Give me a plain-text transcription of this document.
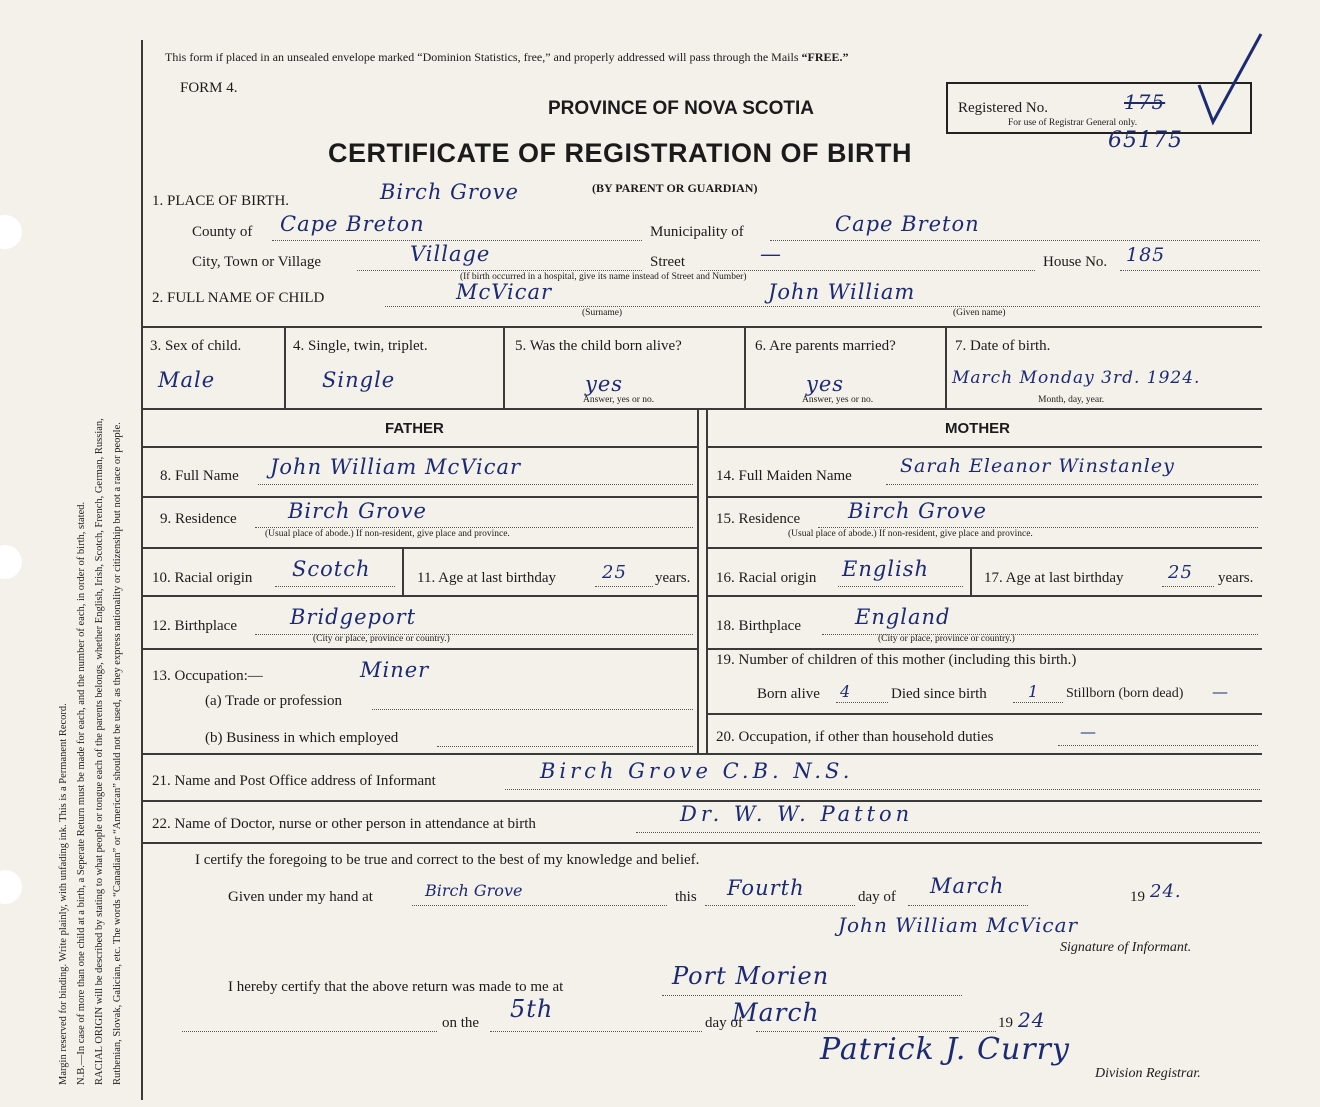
Margin reserved for binding. Write plainly, with unfading ink. This is a Permanent Record. N.B.—In case of more than one child at a birth, a Seperate Return must be made for each, and the number of each, in order of birth, stated. RACIAL ORIGIN will be described by stating to what people or tongue each of the parents belongs, whether English, Irish, Scotch, French, German, Russian, Ruthenian, Slovak, Galician, etc. The words “Canadian” or “American” should not be used, as they express nationality or citizenship but not a race or people.
This form if placed in an unsealed envelope marked “Dominion Statistics, free,” and properly addressed will pass through the Mails “FREE.”
FORM 4.
PROVINCE OF NOVA SCOTIA
CERTIFICATE OF REGISTRATION OF BIRTH
(BY PARENT OR GUARDIAN)
Registered No.	175
For use of Registrar General only.
65175
1. PLACE OF BIRTH.	Birch Grove
County of Cape Breton	Municipality of	Cape Breton
City, Town or Village	Village	Street	—	House No. 185
(If birth occurred in a hospital, give its name instead of Street and Number)
2. FULL NAME OF CHILD	McVicar
(Surname)
John William
(Given name)
3. Sex of child.
Male
4. Single, twin, triplet.
Single
5. Was the child born alive?
yes
Answer, yes or no.
6. Are parents married?
yes
Answer, yes or no.
7. Date of birth.
March Monday 3rd. 1924.
Month, day, year.
FATHER	MOTHER
8. Full Name John William McVicar
9. Residence Birch Grove
(Usual place of abode.) If non-resident, give place and province.
10. Racial origin Scotch	11. Age at last birthday	25 years.
12. Birthplace	Bridgeport
(City or place, province or country.)
13. Occupation:—	Miner
(a) Trade or profession
(b) Business in which employed
14. Full Maiden Name	Sarah Eleanor Winstanley
15. Residence Birch Grove
(Usual place of abode.) If non-resident, give place and province.
16. Racial origin English	17. Age at last birthday 25 years.
18. Birthplace	England
(City or place, province or country.)
19. Number of children of this mother (including this birth.)
Born alive 4	Died since birth	1 Stillborn (born dead) —
20. Occupation, if other than household duties	—
21. Name and Post Office address of Informant	Birch Grove C.B. N.S.
22. Name of Doctor, nurse or other person in attendance at birth	Dr. W. W. Patton
I certify the foregoing to be true and correct to the best of my knowledge and belief.
Given under my hand at	Birch Grove	this Fourth	day of March	19 24.
John William McVicar
Signature of Informant.
I hereby certify that the above return was made to me at	Port Morien
on the 5th	day of
March	19 24
Patrick J. Curry
Division Registrar.
